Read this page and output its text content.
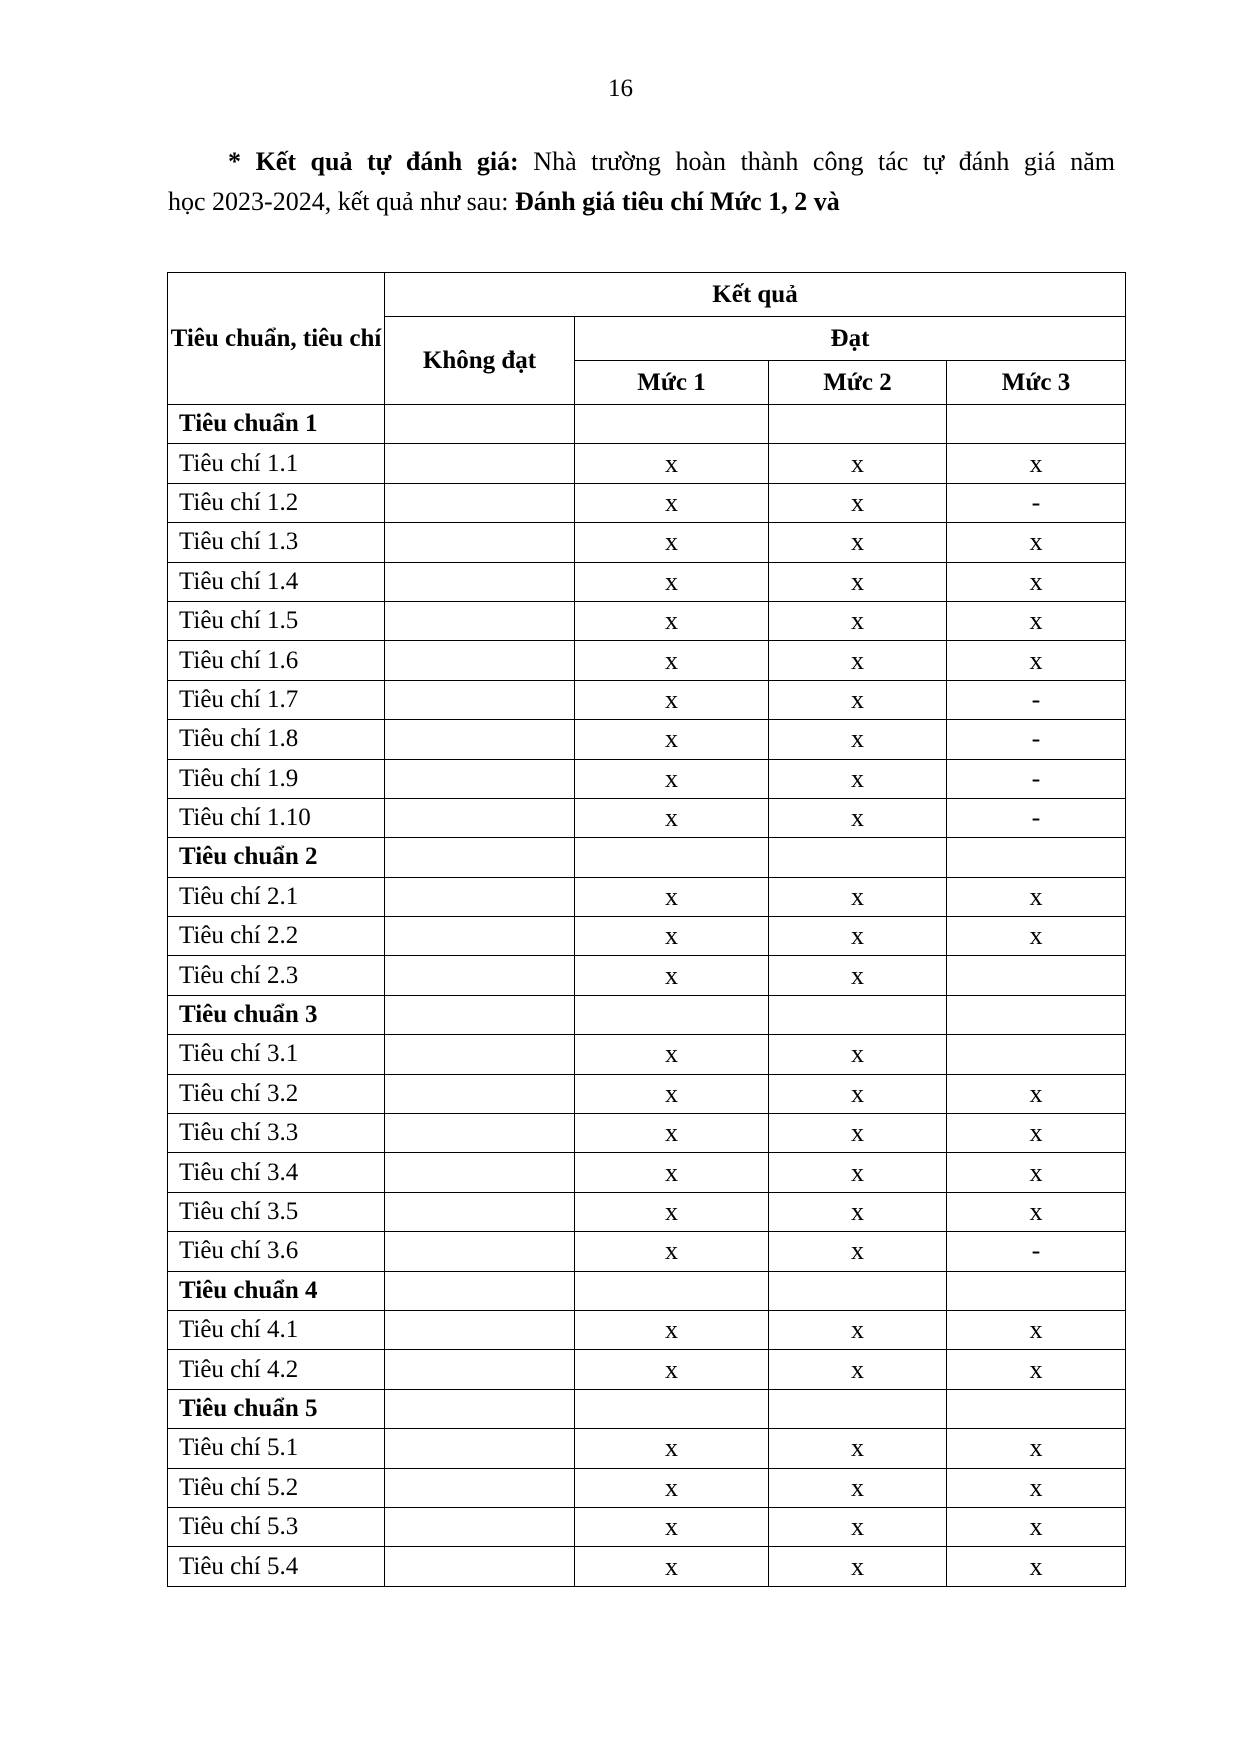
16
* Kết quả tự đánh giá: Nhà trường hoàn thành công tác tự đánh giá năm
học 2023-2024, kết quả như sau: Đánh giá tiêu chí Mức 1, 2 và
Tiêu chuẩn, tiêu chí	Kết quả			
	Không đạt	Đạt		
		Mức 1	Mức 2	Mức 3
Tiêu chuẩn 1				
Tiêu chí 1.1		x	x	x
Tiêu chí 1.2		x	x	-
Tiêu chí 1.3		x	x	x
Tiêu chí 1.4		x	x	x
Tiêu chí 1.5		x	x	x
Tiêu chí 1.6		x	x	x
Tiêu chí 1.7		x	x	-
Tiêu chí 1.8		x	x	-
Tiêu chí 1.9		x	x	-
Tiêu chí 1.10		x	x	-
Tiêu chuẩn 2				
Tiêu chí 2.1		x	x	x
Tiêu chí 2.2		x	x	x
Tiêu chí 2.3		x	x	
Tiêu chuẩn 3				
Tiêu chí 3.1		x	x	
Tiêu chí 3.2		x	x	x
Tiêu chí 3.3		x	x	x
Tiêu chí 3.4		x	x	x
Tiêu chí 3.5		x	x	x
Tiêu chí 3.6		x	x	-
Tiêu chuẩn 4				
Tiêu chí 4.1		x	x	x
Tiêu chí 4.2		x	x	x
Tiêu chuẩn 5				
Tiêu chí 5.1		x	x	x
Tiêu chí 5.2		x	x	x
Tiêu chí 5.3		x	x	x
Tiêu chí 5.4		x	x	x
